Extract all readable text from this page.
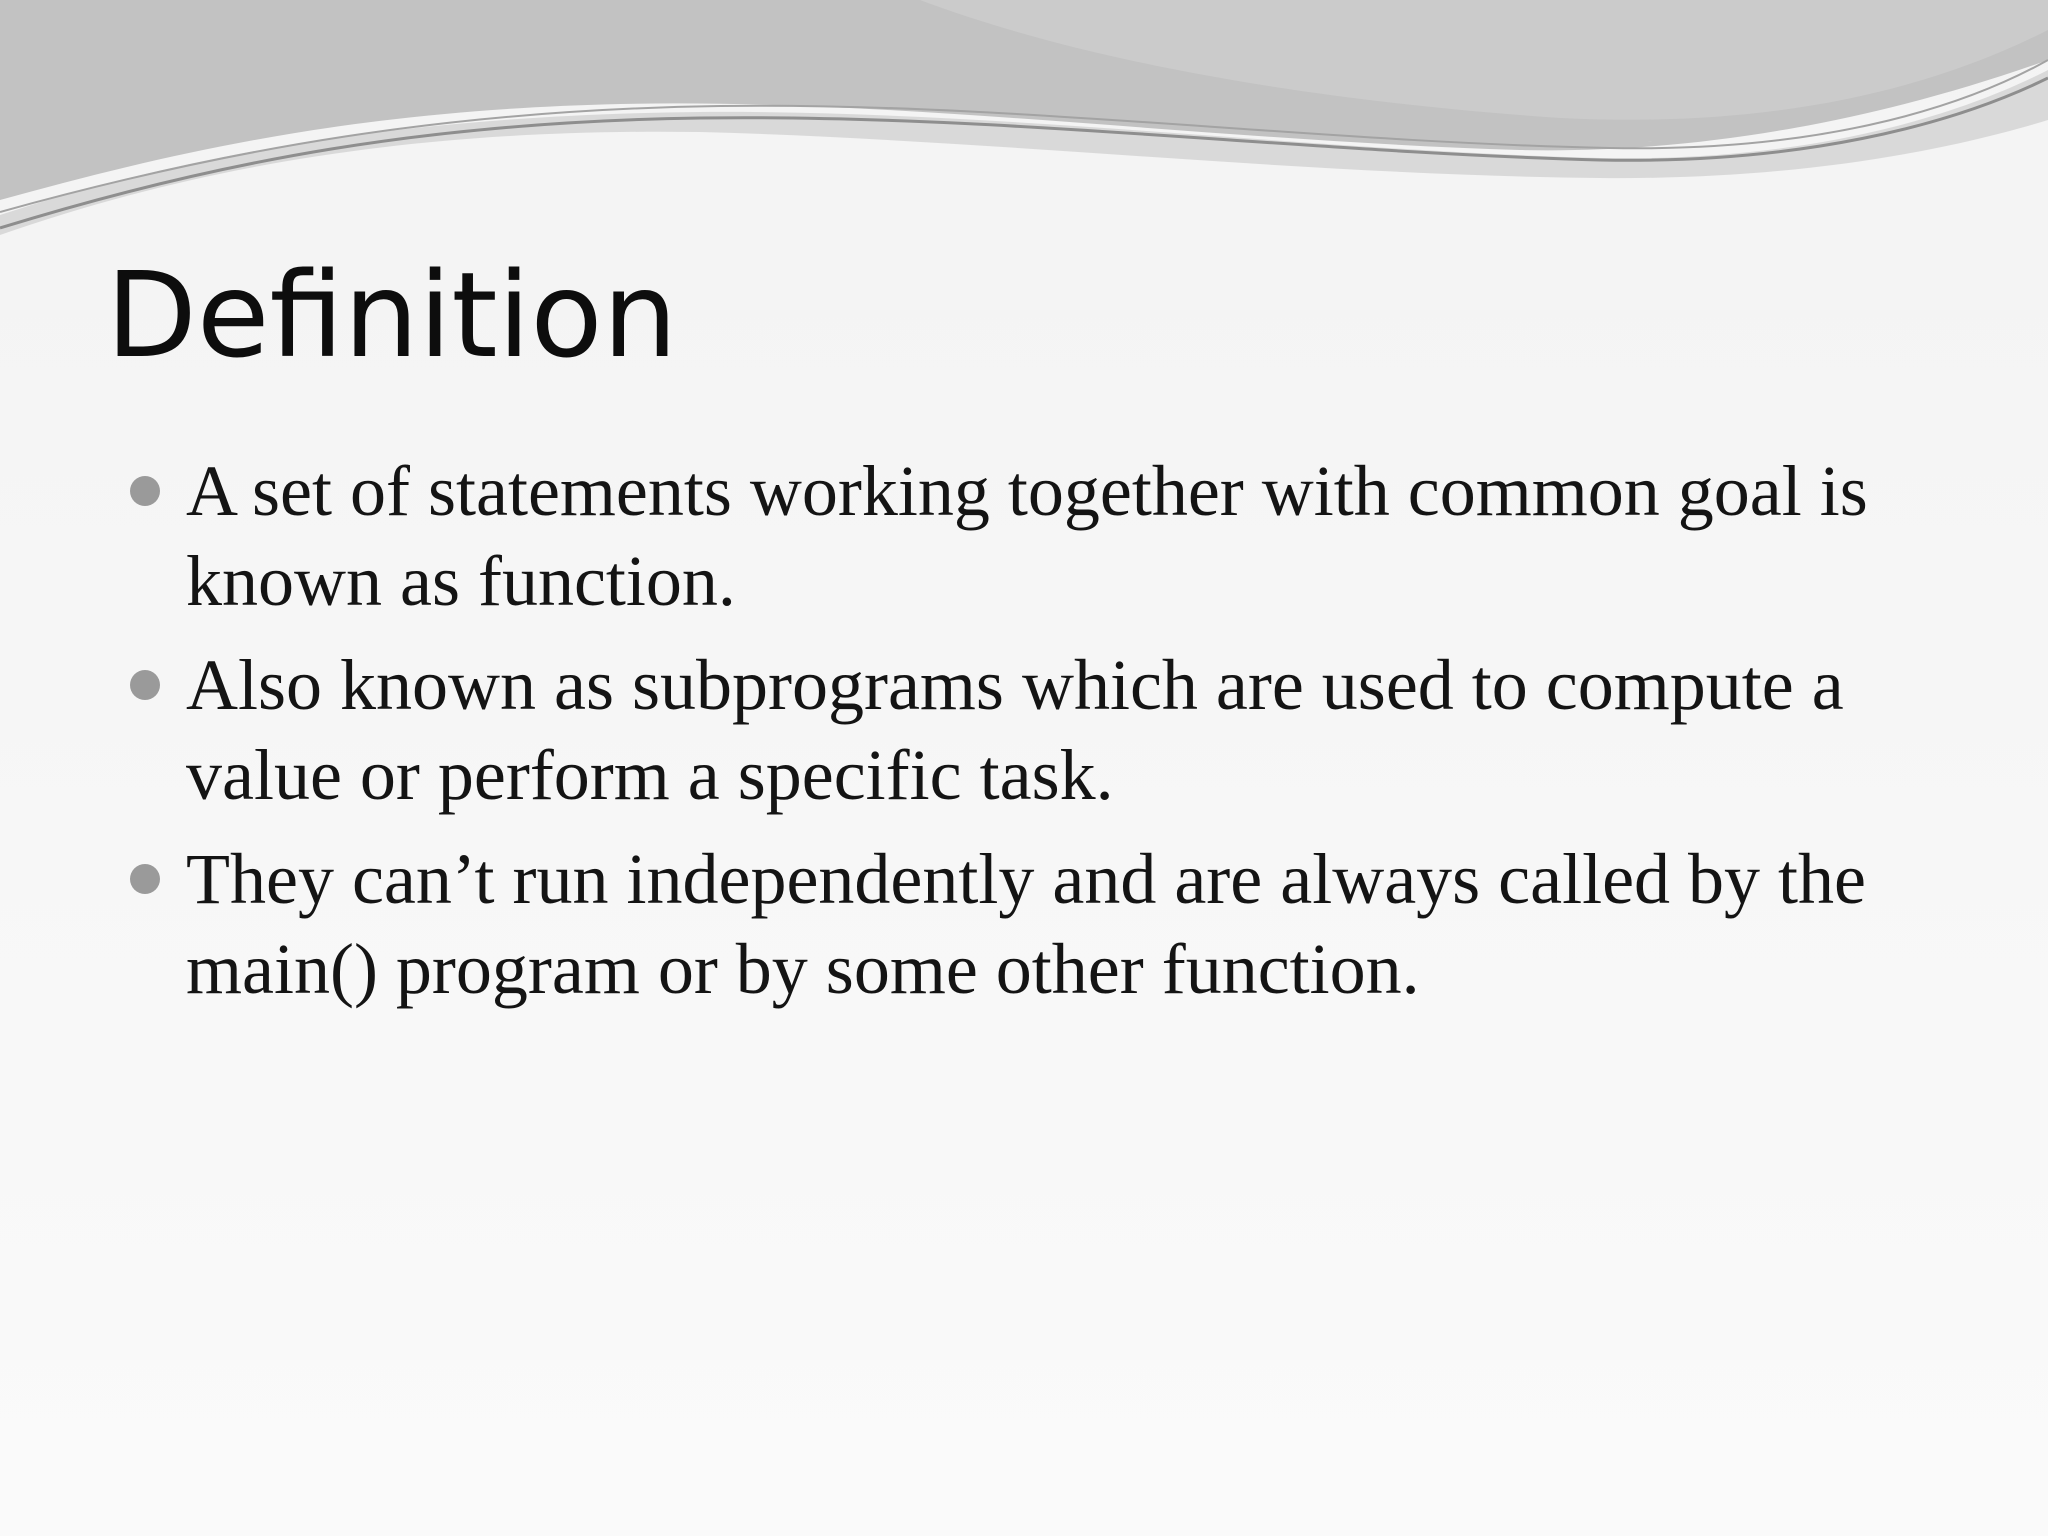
Definition
A set of statements working together with common goal is known as function.
Also known as subprograms which are used to compute a value or perform a specific task.
They can’t run independently and are always called by the main() program or by some other function.
